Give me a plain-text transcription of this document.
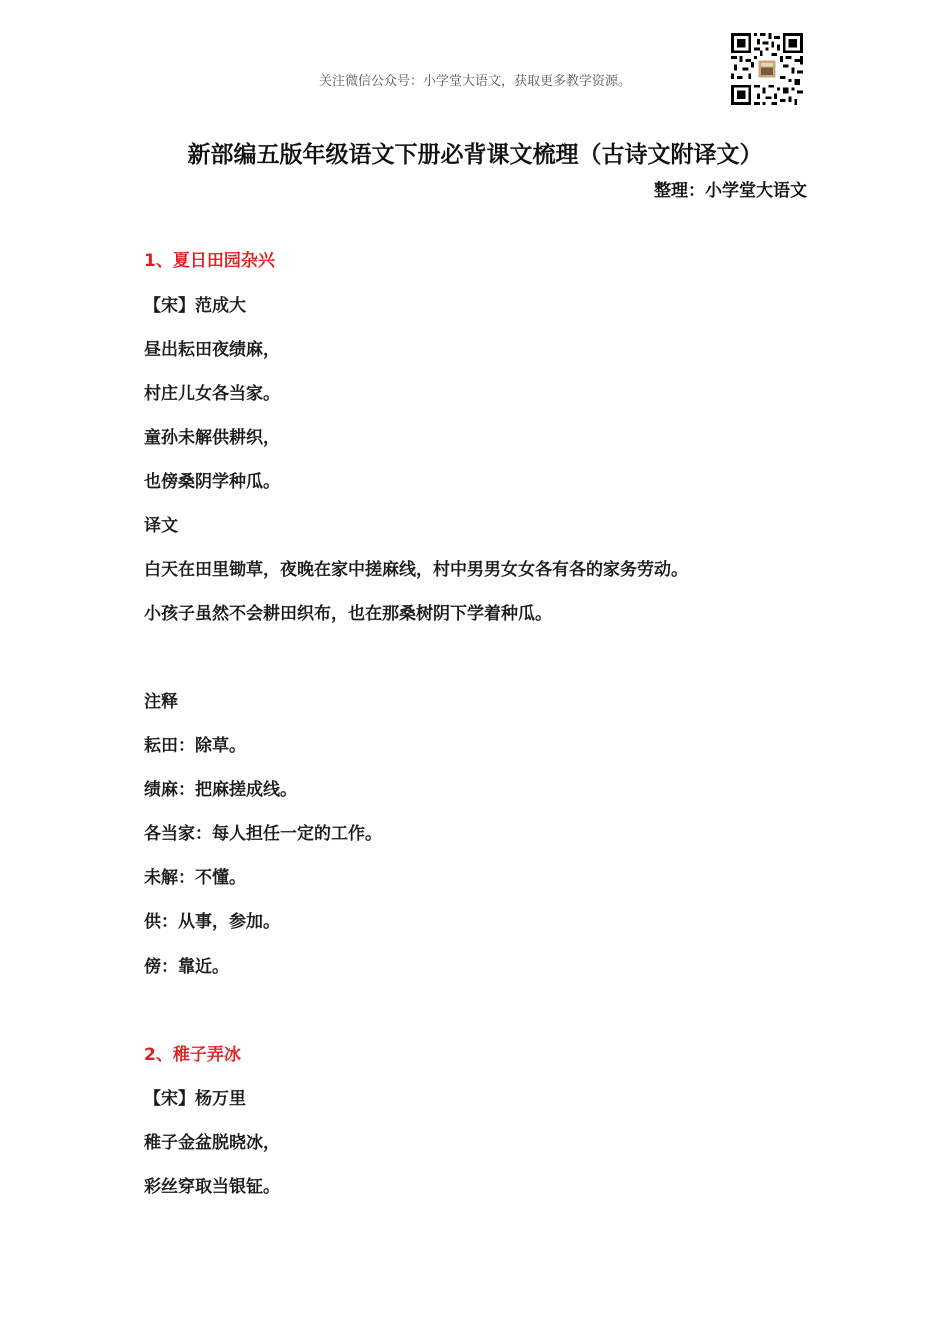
关注微信公众号：小学堂大语文，获取更多教学资源。
新部编五版年级语文下册必背课文梳理（古诗文附译文）
整理：小学堂大语文
1、夏日田园杂兴
【宋】范成大
昼出耘田夜绩麻，
村庄儿女各当家。
童孙未解供耕织，
也傍桑阴学种瓜。
译文
白天在田里锄草，夜晚在家中搓麻线，村中男男女女各有各的家务劳动。
小孩子虽然不会耕田织布，也在那桑树阴下学着种瓜。
注释
耘田：除草。
绩麻：把麻搓成线。
各当家：每人担任一定的工作。
未解：不懂。
供：从事，参加。
傍：靠近。
2、稚子弄冰
【宋】杨万里
稚子金盆脱晓冰，
彩丝穿取当银钲。
